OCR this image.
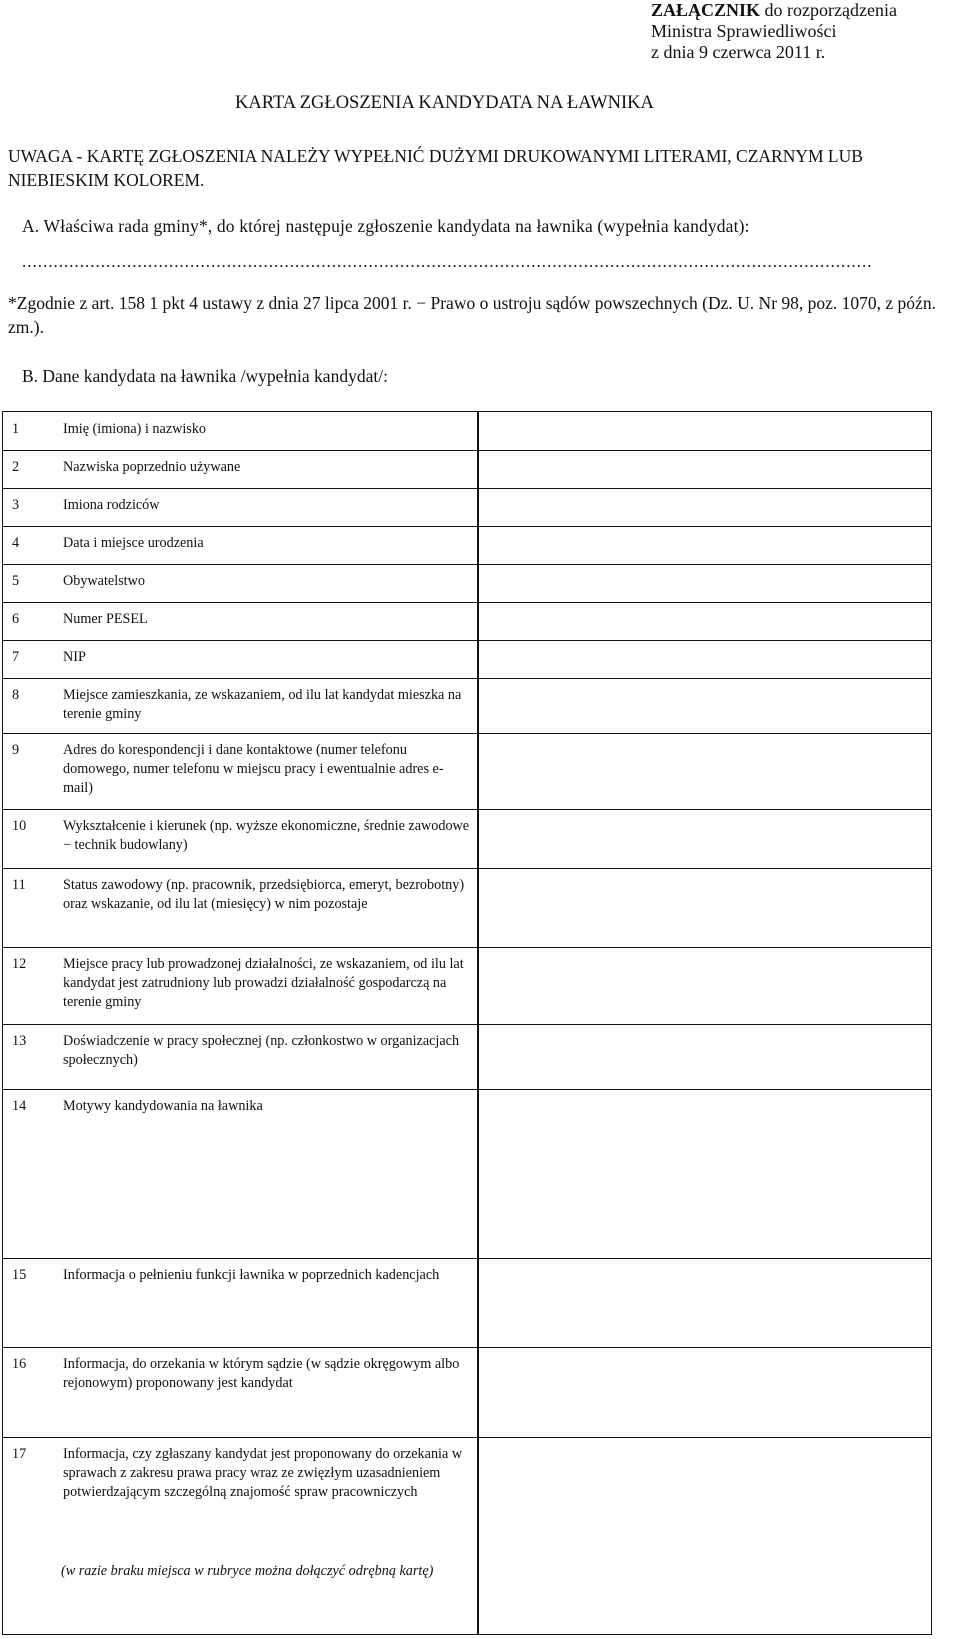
ZAŁĄCZNIK do rozporządzenia
Ministra Sprawiedliwości
z dnia 9 czerwca 2011 r.
KARTA ZGŁOSZENIA KANDYDATA NA ŁAWNIKA
UWAGA - KARTĘ ZGŁOSZENIA NALEŻY WYPEŁNIĆ DUŻYMI DRUKOWANYMI LITERAMI, CZARNYM LUB NIEBIESKIM KOLOREM.
A. Właściwa rada gminy*, do której następuje zgłoszenie kandydata na ławnika (wypełnia kandydat):
..................................................................................................................................................................
*Zgodnie z art. 158 1 pkt 4 ustawy z dnia 27 lipca 2001 r. − Prawo o ustroju sądów powszechnych (Dz. U. Nr 98, poz. 1070, z późn. zm.).
B. Dane kandydata na ławnika /wypełnia kandydat/:
1	Imię (imiona) i nazwisko
2	Nazwiska poprzednio używane
3	Imiona rodziców
4	Data i miejsce urodzenia
5	Obywatelstwo
6	Numer PESEL
7	NIP
8	Miejsce zamieszkania, ze wskazaniem, od ilu lat kandydat mieszka na terenie gminy
9	Adres do korespondencji i dane kontaktowe (numer telefonu domowego, numer telefonu w miejscu pracy i ewentualnie adres e-mail)
10	Wykształcenie i kierunek (np. wyższe ekonomiczne, średnie zawodowe − technik budowlany)
11	Status zawodowy (np. pracownik, przedsiębiorca, emeryt, bezrobotny) oraz wskazanie, od ilu lat (miesięcy) w nim pozostaje
12	Miejsce pracy lub prowadzonej działalności, ze wskazaniem, od ilu lat kandydat jest zatrudniony lub prowadzi działalność gospodarczą na terenie gminy
13	Doświadczenie w pracy społecznej (np. członkostwo w organizacjach społecznych)
14	Motywy kandydowania na ławnika
15	Informacja o pełnieniu funkcji ławnika w poprzednich kadencjach
16	Informacja, do orzekania w którym sądzie (w sądzie okręgowym albo rejonowym) proponowany jest kandydat
17	Informacja, czy zgłaszany kandydat jest proponowany do orzekania w sprawach z zakresu prawa pracy wraz ze zwięzłym uzasadnieniem potwierdzającym szczególną znajomość spraw pracowniczych
(w razie braku miejsca w rubryce można dołączyć odrębną kartę)
